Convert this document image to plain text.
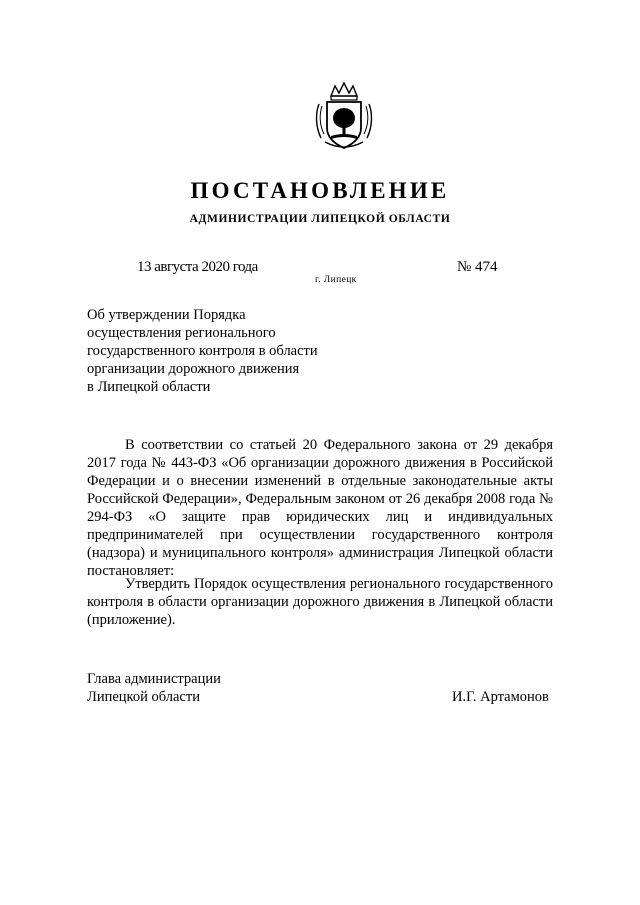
ПОСТАНОВЛЕНИЕ
АДМИНИСТРАЦИИ ЛИПЕЦКОЙ ОБЛАСТИ
13 августа 2020 года
г. Липецк
№ 474
Об утверждении Порядка
осуществления регионального
государственного контроля в области
организации дорожного движения
в Липецкой области

В соответствии со статьей 20 Федерального закона от 29 декабря 2017 года № 443-ФЗ «Об организации дорожного движения в Российской Федерации и о внесении изменений в отдельные законодательные акты Российской Федерации», Федеральным законом от 26 декабря 2008 года № 294-ФЗ «О защите прав юридических лиц и индивидуальных предпринимателей при осуществлении государственного контроля (надзора) и муниципального контроля» администрация Липецкой области постановляет:

Утвердить Порядок осуществления регионального государственного контроля в области организации дорожного движения в Липецкой области (приложение).

Глава администрации
Липецкой области	И.Г. Артамонов
